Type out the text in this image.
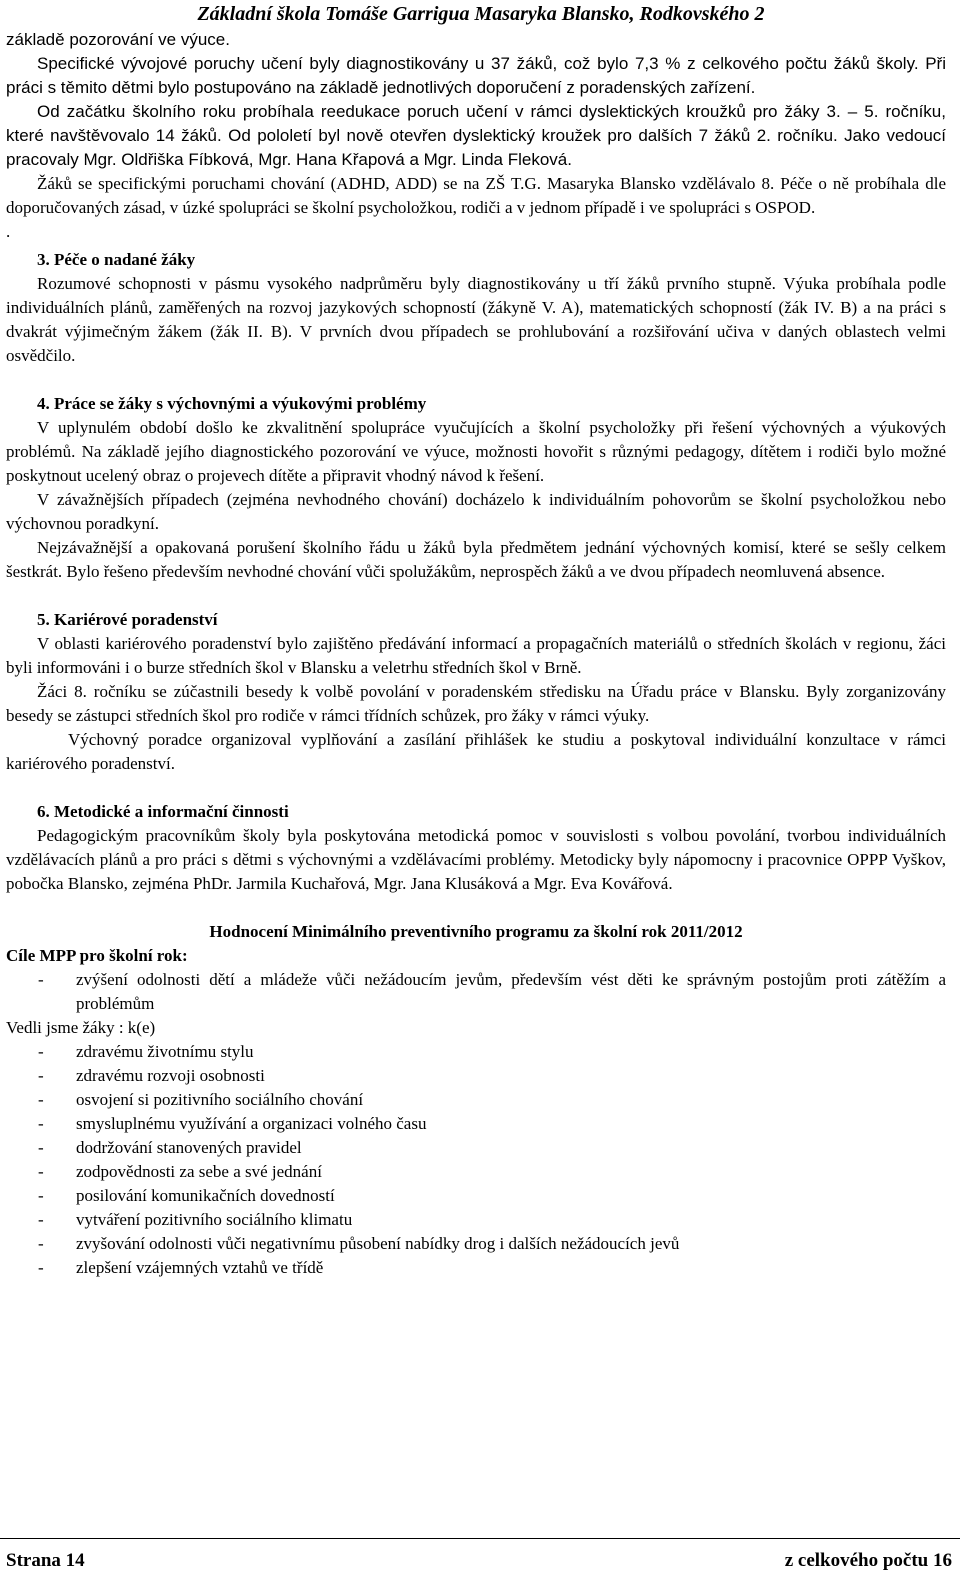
Základní škola Tomáše Garrigua Masaryka Blansko, Rodkovského 2

základě pozorování ve výuce.

Specifické vývojové poruchy učení byly diagnostikovány u 37 žáků, což bylo 7,3 % z celkového počtu žáků školy. Při práci s těmito dětmi bylo postupováno na základě jednotlivých doporučení z poradenských zařízení.

Od začátku školního roku probíhala reedukace poruch učení v rámci dyslektických kroužků pro žáky 3. – 5. ročníku, které navštěvovalo 14 žáků. Od pololetí byl nově otevřen dyslektický kroužek pro dalších 7 žáků 2. ročníku. Jako vedoucí pracovaly Mgr. Oldřiška Fíbková, Mgr. Hana Křapová a Mgr. Linda Fleková.

Žáků se specifickými poruchami chování (ADHD, ADD) se na ZŠ T.G. Masaryka Blansko vzdělávalo 8. Péče o ně probíhala dle doporučovaných zásad, v úzké spolupráci se školní psycholožkou, rodiči a v jednom případě i ve spolupráci s OSPOD.

.

3. Péče o nadané žáky

Rozumové schopnosti v pásmu vysokého nadprůměru byly diagnostikovány u tří žáků prvního stupně. Výuka probíhala podle individuálních plánů, zaměřených na rozvoj jazykových schopností (žákyně V. A), matematických schopností (žák IV. B) a na práci s dvakrát výjimečným žákem (žák II. B). V prvních dvou případech se prohlubování a rozšiřování učiva v daných oblastech velmi osvědčilo.

4. Práce se žáky s výchovnými a výukovými problémy

V uplynulém období došlo ke zkvalitnění spolupráce vyučujících a školní psycholožky při řešení výchovných a výukových problémů. Na základě jejího diagnostického pozorování ve výuce, možnosti hovořit s různými pedagogy, dítětem i rodiči bylo možné poskytnout ucelený obraz o projevech dítěte a připravit vhodný návod k řešení.

V závažnějších případech (zejména nevhodného chování) docházelo k individuálním pohovorům se školní psycholožkou nebo výchovnou poradkyní.

Nejzávažnější a opakovaná porušení školního řádu u žáků byla předmětem jednání výchovných komisí, které se sešly celkem šestkrát. Bylo řešeno především nevhodné chování vůči spolužákům, neprospěch žáků a ve dvou případech neomluvená absence.

5. Kariérové poradenství

V oblasti kariérového poradenství bylo zajištěno předávání informací a propagačních materiálů o středních školách v regionu, žáci byli informováni i o burze středních škol v Blansku a veletrhu středních škol v Brně.

Žáci 8. ročníku se zúčastnili besedy k volbě povolání v poradenském středisku na Úřadu práce v Blansku. Byly zorganizovány besedy se zástupci středních škol pro rodiče v rámci třídních schůzek, pro žáky v rámci výuky.

Výchovný poradce organizoval vyplňování a zasílání přihlášek ke studiu a poskytoval individuální konzultace v rámci kariérového poradenství.

6. Metodické a informační činnosti

Pedagogickým pracovníkům školy byla poskytována metodická pomoc v souvislosti s volbou povolání, tvorbou individuálních vzdělávacích plánů a pro práci s dětmi s výchovnými a vzdělávacími problémy. Metodicky byly nápomocny i pracovnice OPPP Vyškov, pobočka Blansko, zejména PhDr. Jarmila Kuchařová, Mgr. Jana Klusáková a Mgr. Eva Kovářová.

Hodnocení Minimálního preventivního programu za školní rok 2011/2012

Cíle MPP pro školní rok:

- zvýšení odolnosti dětí a mládeže vůči nežádoucím jevům, především vést děti ke správným postojům proti zátěžím a problémům

Vedli jsme žáky : k(e)

- zdravému životnímu stylu
- zdravému rozvoji osobnosti
- osvojení si pozitivního sociálního chování
- smysluplnému využívání a organizaci volného času
- dodržování stanovených pravidel
- zodpovědnosti za sebe a své jednání
- posilování komunikačních dovedností
- vytváření pozitivního sociálního klimatu
- zvyšování odolnosti vůči negativnímu působení nabídky drog i dalších nežádoucích jevů
- zlepšení vzájemných vztahů ve třídě
Strana 14	z celkového počtu 16
